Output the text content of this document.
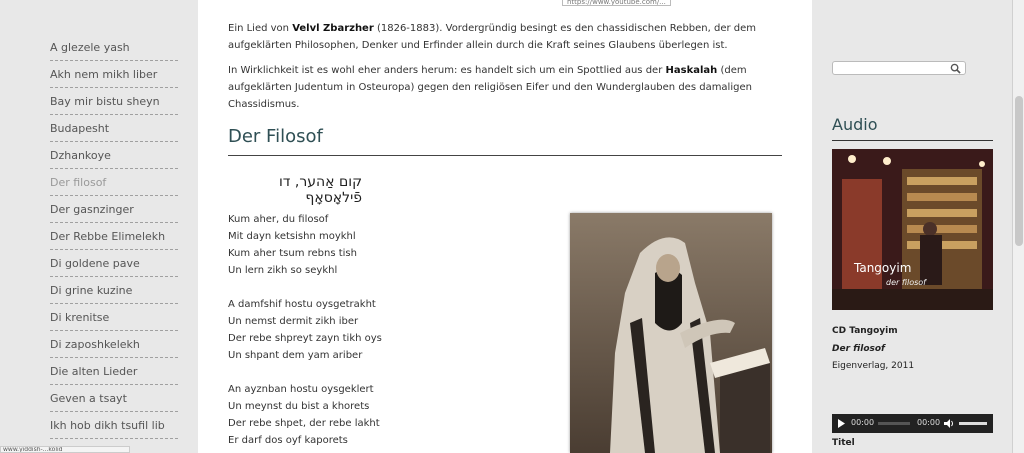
A glezele yash
Akh nem mikh liber
Bay mir bistu sheyn
Budapesht
Dzhankoye
Der filosof
Der gasnzinger
Der Rebbe Elimelekh
Di goldene pave
Di grine kuzine
Di krenitse
Di zaposhkelekh
Die alten Lieder
Geven a tsayt
Ikh hob dikh tsufil lib

Ein Lied von Velvl Zbarzher (1826-1883). Vordergründig besingt es den chassidischen Rebben, der dem aufgeklärten Philosophen, Denker und Erfinder allein durch die Kraft seines Glaubens überlegen ist.

In Wirklichkeit ist es wohl eher anders herum: es handelt sich um ein Spottlied aus der Haskalah (dem aufgeklärten Judentum in Osteuropa) gegen den religiösen Eifer und den Wunderglauben des damaligen Chassidismus.

Der Filosof
קום אַהער, דו פֿילאָסאָף
Kum aher, du filosof
Mit dayn ketsishn moykhl
Kum aher tsum rebns tish
Un lern zikh so seykhl
A damfshif hostu oysgetrakht
Un nemst dermit zikh iber
Der rebe shpreyt zayn tikh oys
Un shpant dem yam ariber
An ayznban hostu oysgeklert
Un meynst du bist a khorets
Der rebe shpet, der rebe lakht
Er darf dos oyf kaporets
Audio
Tangoyim
der filosof
CD Tangoyim
Der filosof
Eigenverlag, 2011
00:00	00:00
Titel
https://www.youtube.com/...
www.yiddish-...kolid
